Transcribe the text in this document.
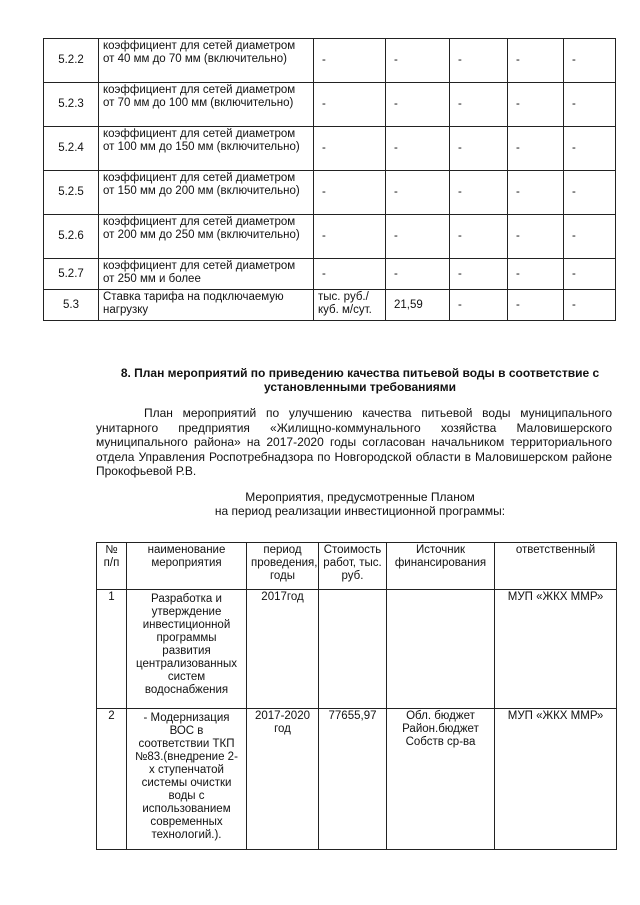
5.2.2	коэффициент для сетей диаметром от 40 мм до 70 мм (включительно)	-	-	-	-	-
5.2.3	коэффициент для сетей диаметром от 70 мм до 100 мм (включительно)	-	-	-	-	-
5.2.4	коэффициент для сетей диаметром от 100 мм до 150 мм (включительно)	-	-	-	-	-
5.2.5	коэффициент для сетей диаметром от 150 мм до 200 мм (включительно)	-	-	-	-	-
5.2.6	коэффициент для сетей диаметром от 200 мм до 250 мм (включительно)	-	-	-	-	-
5.2.7	коэффициент для сетей диаметром от 250 мм и более	-	-	-	-	-
5.3	Ставка тарифа на подключаемую нагрузку	тыс. руб./ куб. м/сут.	21,59	-	-	-
8. План мероприятий по приведению качества питьевой воды в соответствие с установленными требованиями
План мероприятий по улучшению качества питьевой воды муниципального унитарного предприятия «Жилищно-коммунального хозяйства Маловишерского муниципального района» на 2017-2020 годы согласован начальником территориального отдела Управления Роспотребнадзора по Новгородской области в Маловишерском районе Прокофьевой Р.В.
Мероприятия, предусмотренные Планом
на период реализации инвестиционной программы:
№ п/п	наименование мероприятия	период проведения, годы	Стоимость работ, тыс. руб.	Источник финансирования	ответственный
1	Разработка и утверждение инвестиционной программы развития централизованных систем водоснабжения	2017год			МУП «ЖКХ ММР»
2	- Модернизация ВОС в соответствии ТКП №83.(внедрение 2-х ступенчатой системы очистки воды с использованием современных технологий.).	2017-2020 год	77655,97	Обл. бюджет Район.бюджет Собств ср-ва	МУП «ЖКХ ММР»
